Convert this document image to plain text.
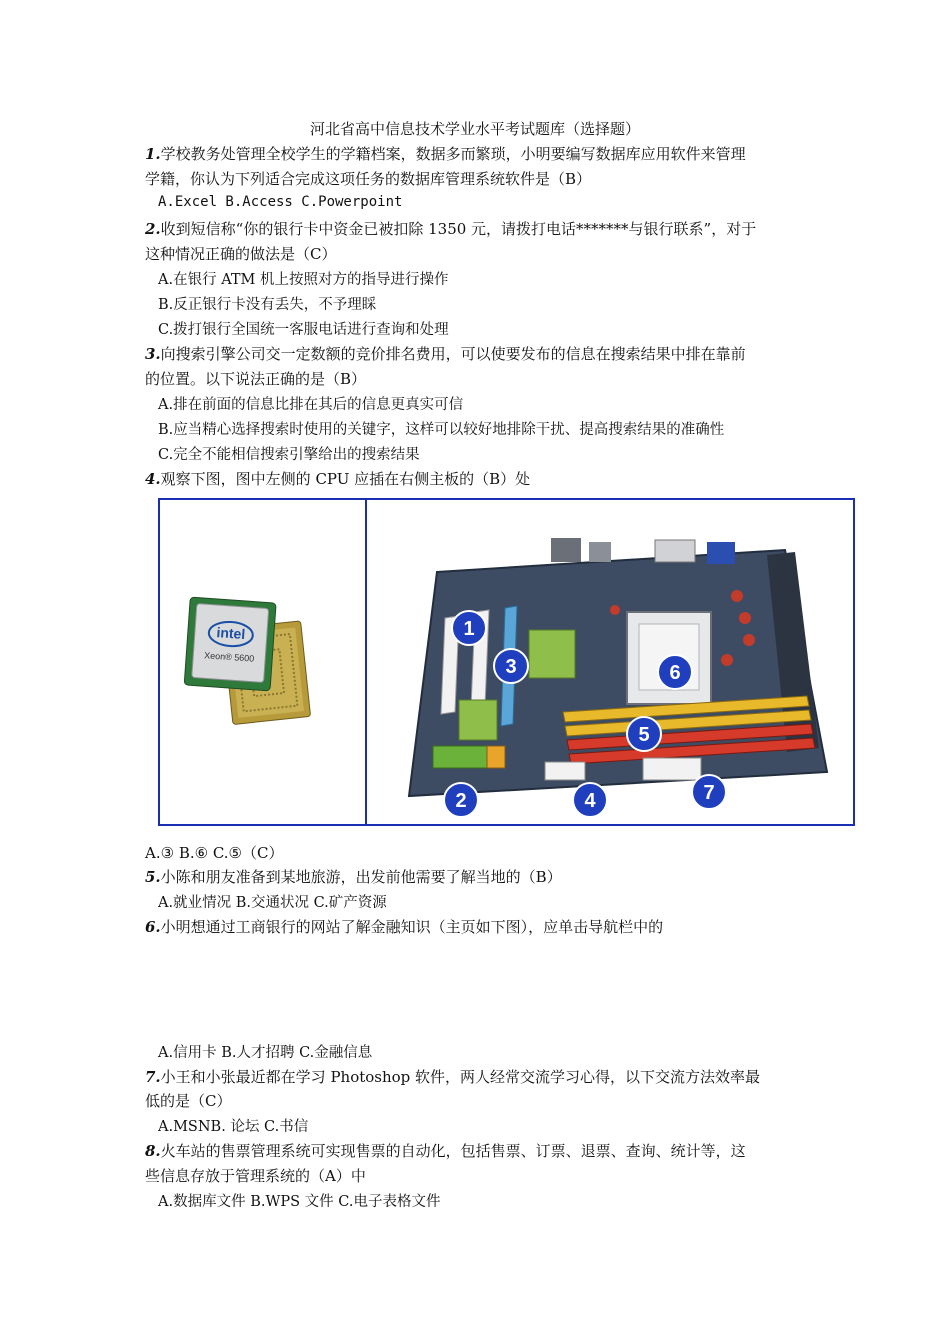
河北省高中信息技术学业水平考试题库（选择题）
1.学校教务处管理全校学生的学籍档案，数据多而繁琐，小明要编写数据库应用软件来管理
学籍，你认为下列适合完成这项任务的数据库管理系统软件是（B）
A.Excel B.Access C.Powerpoint
2.收到短信称“你的银行卡中资金已被扣除 1350 元，请拨打电话*******与银行联系”，对于
这种情况正确的做法是（C）
A.在银行 ATM 机上按照对方的指导进行操作
B.反正银行卡没有丢失，不予理睬
C.拨打银行全国统一客服电话进行查询和处理
3.向搜索引擎公司交一定数额的竞价排名费用，可以使要发布的信息在搜索结果中排在靠前
的位置。以下说法正确的是（B）
A.排在前面的信息比排在其后的信息更真实可信
B.应当精心选择搜索时使用的关键字，这样可以较好地排除干扰、提高搜索结果的准确性
C.完全不能相信搜索引擎给出的搜索结果
4.观察下图，图中左侧的 CPU 应插在右侧主板的（B）处
intel
Xeon® 5600
1
2
3
4
5
6
7
A.③ B.⑥ C.⑤（C）
5.小陈和朋友准备到某地旅游，出发前他需要了解当地的（B）
A.就业情况 B.交通状况 C.矿产资源
6.小明想通过工商银行的网站了解金融知识（主页如下图），应单击导航栏中的
A.信用卡 B.人才招聘 C.金融信息
7.小王和小张最近都在学习 Photoshop 软件，两人经常交流学习心得，以下交流方法效率最
低的是（C）
A.MSNB. 论坛 C.书信
8.火车站的售票管理系统可实现售票的自动化，包括售票、订票、退票、查询、统计等，这
些信息存放于管理系统的（A）中
A.数据库文件 B.WPS 文件 C.电子表格文件
